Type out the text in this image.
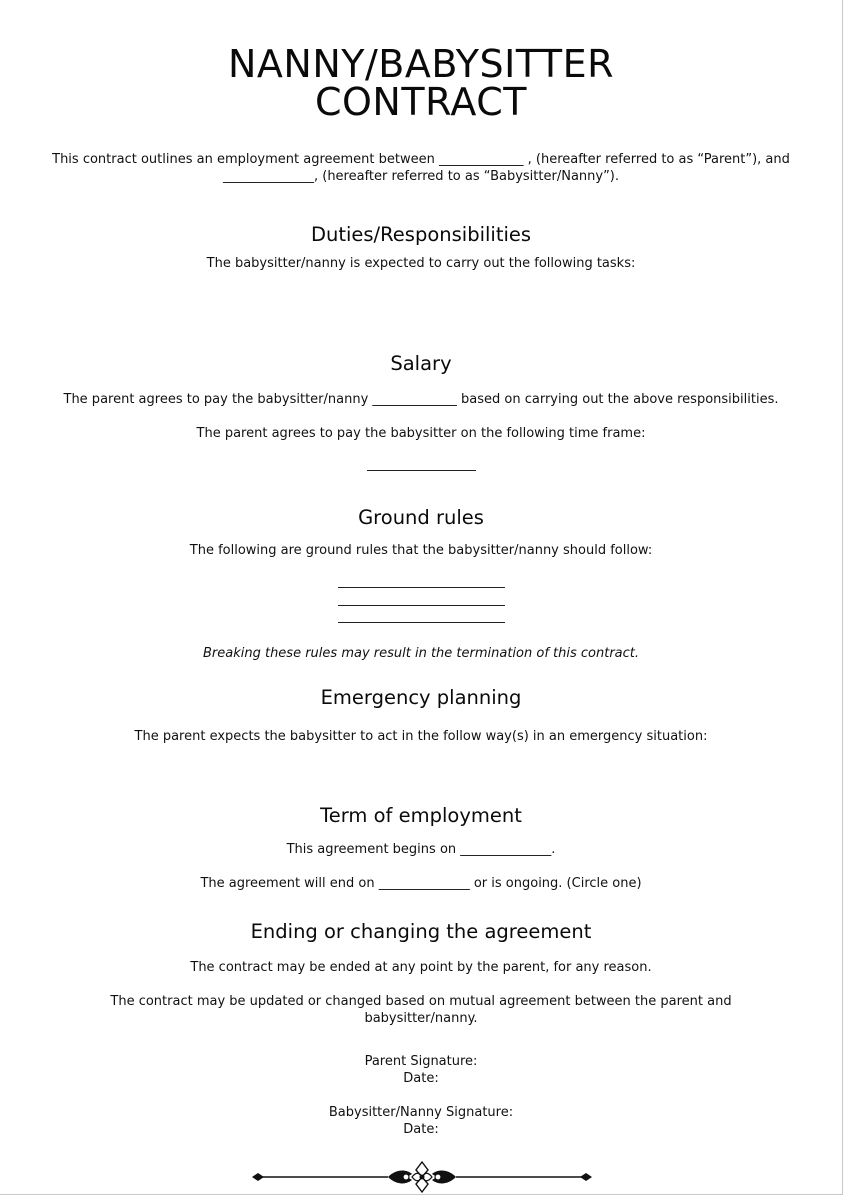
NANNY/BABYSITTER
CONTRACT
This contract outlines an employment agreement between _____________ , (hereafter referred to as “Parent”), and
______________, (hereafter referred to as “Babysitter/Nanny”).
Duties/Responsibilities
The babysitter/nanny is expected to carry out the following tasks:
Salary
The parent agrees to pay the babysitter/nanny _____________ based on carrying out the above responsibilities.
The parent agrees to pay the babysitter on the following time frame:
Ground rules
The following are ground rules that the babysitter/nanny should follow:
Breaking these rules may result in the termination of this contract.
Emergency planning
The parent expects the babysitter to act in the follow way(s) in an emergency situation:
Term of employment
This agreement begins on ______________.
The agreement will end on ______________ or is ongoing. (Circle one)
Ending or changing the agreement
The contract may be ended at any point by the parent, for any reason.
The contract may be updated or changed based on mutual agreement between the parent and
babysitter/nanny.
Parent Signature:
Date:
Babysitter/Nanny Signature:
Date:
